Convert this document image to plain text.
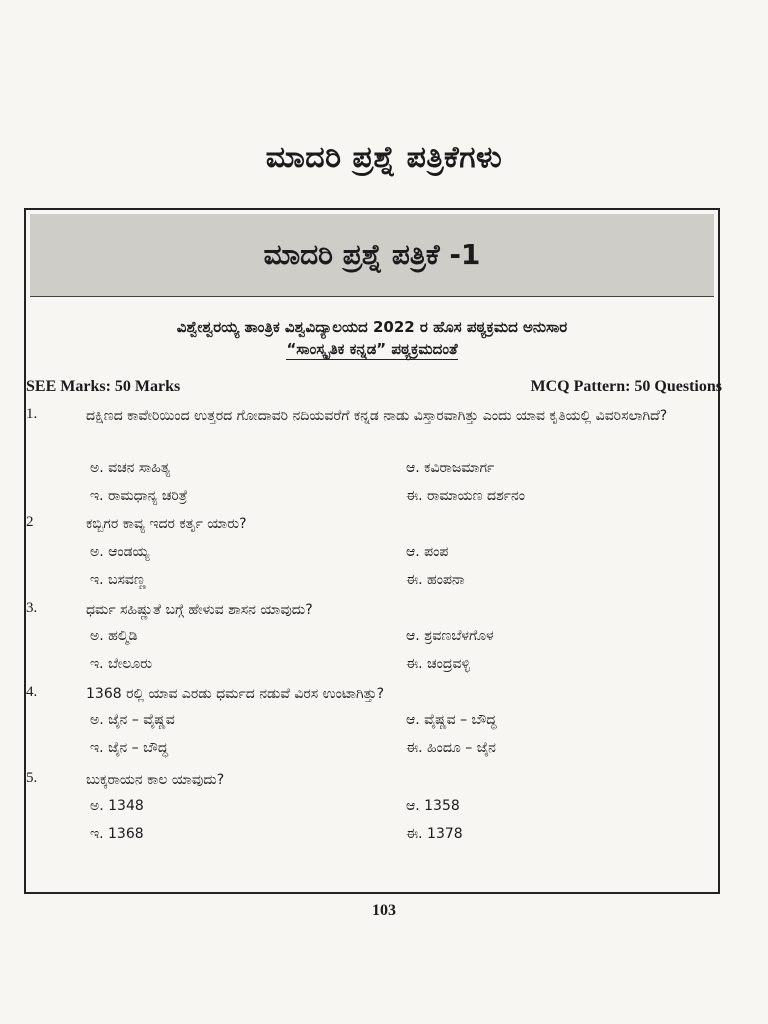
ಮಾದರಿ ಪ್ರಶ್ನೆ ಪತ್ರಿಕೆಗಳು
ಮಾದರಿ ಪ್ರಶ್ನೆ ಪತ್ರಿಕೆ -1
ವಿಶ್ವೇಶ್ವರಯ್ಯ ತಾಂತ್ರಿಕ ವಿಶ್ವವಿದ್ಯಾಲಯದ 2022 ರ ಹೊಸ ಪಠ್ಯಕ್ರಮದ ಅನುಸಾರ
“ಸಾಂಸ್ಕೃತಿಕ ಕನ್ನಡ” ಪಠ್ಯಕ್ರಮದಂತೆ
SEE Marks: 50 Marks	MCQ Pattern: 50 Questions
1.	ದಕ್ಷಿಣದ ಕಾವೇರಿಯಿಂದ ಉತ್ತರದ ಗೋದಾವರಿ ನದಿಯವರೆಗೆ ಕನ್ನಡ ನಾಡು ವಿಸ್ತಾರವಾಗಿತ್ತು ಎಂದು ಯಾವ ಕೃತಿಯಲ್ಲಿ ವಿವರಿಸಲಾಗಿದೆ?
ಅ. ವಚನ ಸಾಹಿತ್ಯ	ಆ. ಕವಿರಾಜಮಾರ್ಗ
ಇ. ರಾಮಧಾನ್ಯ ಚರಿತ್ರೆ	ಈ. ರಾಮಾಯಣ ದರ್ಶನಂ
2	ಕಬ್ಬಿಗರ ಕಾವ್ಯ ಇದರ ಕರ್ತೃ ಯಾರು?
ಅ. ಆಂಡಯ್ಯ	ಆ. ಪಂಪ
ಇ. ಬಸವಣ್ಣ	ಈ. ಹಂಪನಾ
3.	ಧರ್ಮ ಸಹಿಷ್ಣುತೆ ಬಗ್ಗೆ ಹೇಳುವ ಶಾಸನ ಯಾವುದು?
ಅ. ಹಲ್ಮಿಡಿ	ಆ. ಶ್ರವಣಬೆಳಗೊಳ
ಇ. ಬೇಲೂರು	ಈ. ಚಂದ್ರವಳ್ಳಿ
4.	1368 ರಲ್ಲಿ ಯಾವ ಎರಡು ಧರ್ಮದ ನಡುವೆ ವಿರಸ ಉಂಟಾಗಿತ್ತು?
ಅ. ಜೈನ – ವೈಷ್ಣವ	ಆ. ವೈಷ್ಣವ – ಬೌದ್ಧ
ಇ. ಜೈನ – ಬೌದ್ಧ	ಈ. ಹಿಂದೂ – ಜೈನ
5.	ಬುಕ್ಕರಾಯನ ಕಾಲ ಯಾವುದು?
ಅ. 1348	ಆ. 1358
ಇ. 1368	ಈ. 1378
103
